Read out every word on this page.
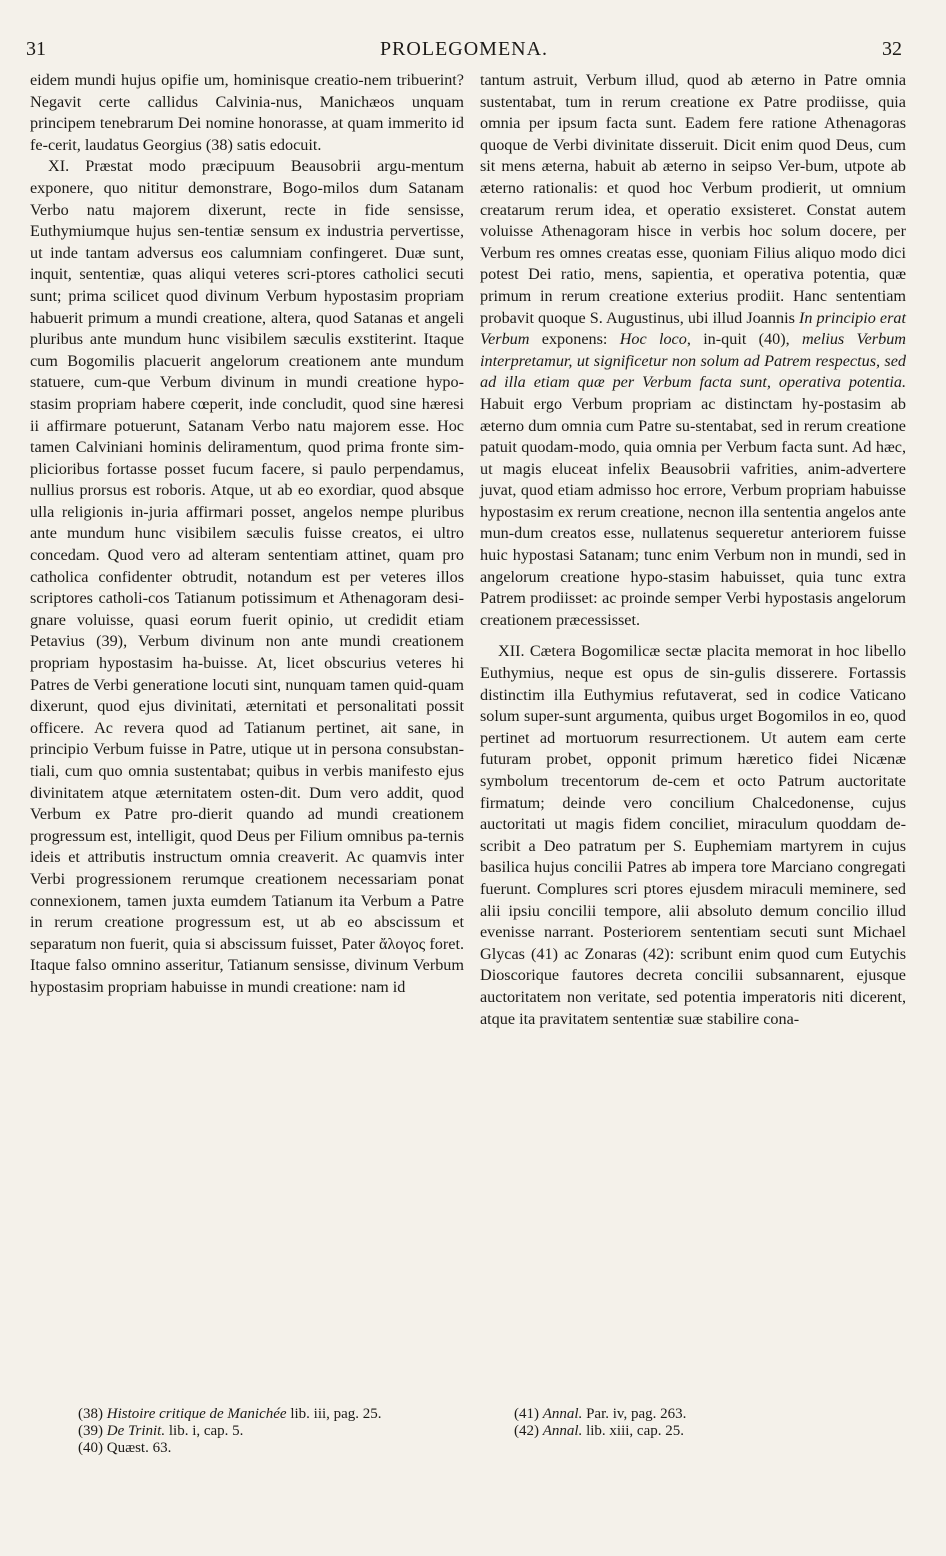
31	PROLEGOMENA.	32

eidem mundi hujus opifie um, hominisque creatio-nem tribuerint? Negavit certe callidus Calvinia-nus, Manichæos unquam principem tenebrarum Dei nomine honorasse, at quam immerito id fe-cerit, laudatus Georgius (38) satis edocuit.

XI. Præstat modo præcipuum Beausobrii argu-mentum exponere, quo nititur demonstrare, Bogo-milos dum Satanam Verbo natu majorem dixerunt, recte in fide sensisse, Euthymiumque hujus sen-tentiæ sensum ex industria pervertisse, ut inde tantam adversus eos calumniam confingeret. Duæ sunt, inquit, sententiæ, quas aliqui veteres scri-ptores catholici secuti sunt; prima scilicet quod divinum Verbum hypostasim propriam habuerit primum a mundi creatione, altera, quod Satanas et angeli pluribus ante mundum hunc visibilem sæculis exstiterint. Itaque cum Bogomilis placuerit angelorum creationem ante mundum statuere, cum-que Verbum divinum in mundi creatione hypo-stasim propriam habere cœperit, inde concludit, quod sine hæresi ii affirmare potuerunt, Satanam Verbo natu majorem esse. Hoc tamen Calviniani hominis deliramentum, quod prima fronte sim-plicioribus fortasse posset fucum facere, si paulo perpendamus, nullius prorsus est roboris. Atque, ut ab eo exordiar, quod absque ulla religionis in-juria affirmari posset, angelos nempe pluribus ante mundum hunc visibilem sæculis fuisse creatos, ei ultro concedam. Quod vero ad alteram sententiam attinet, quam pro catholica confidenter obtrudit, notandum est per veteres illos scriptores catholi-cos Tatianum potissimum et Athenagoram desi-gnare voluisse, quasi eorum fuerit opinio, ut credidit etiam Petavius (39), Verbum divinum non ante mundi creationem propriam hypostasim ha-buisse. At, licet obscurius veteres hi Patres de Verbi generatione locuti sint, nunquam tamen quid-quam dixerunt, quod ejus divinitati, æternitati et personalitati possit officere. Ac revera quod ad Tatianum pertinet, ait sane, in principio Verbum fuisse in Patre, utique ut in persona consubstan-tiali, cum quo omnia sustentabat; quibus in verbis manifesto ejus divinitatem atque æternitatem osten-dit. Dum vero addit, quod Verbum ex Patre pro-dierit quando ad mundi creationem progressum est, intelligit, quod Deus per Filium omnibus pa-ternis ideis et attributis instructum omnia creaverit. Ac quamvis inter Verbi progressionem rerumque creationem necessariam ponat connexionem, tamen juxta eumdem Tatianum ita Verbum a Patre in rerum creatione progressum est, ut ab eo abscissum et separatum non fuerit, quia si abscissum fuisset, Pater ἄλογος foret. Itaque falso omnino asseritur, Tatianum sensisse, divinum Verbum hypostasim propriam habuisse in mundi creatione: nam id

tantum astruit, Verbum illud, quod ab æterno in Patre omnia sustentabat, tum in rerum creatione ex Patre prodiisse, quia omnia per ipsum facta sunt. Eadem fere ratione Athenagoras quoque de Verbi divinitate disseruit. Dicit enim quod Deus, cum sit mens æterna, habuit ab æterno in seipso Ver-bum, utpote ab æterno rationalis: et quod hoc Verbum prodierit, ut omnium creatarum rerum idea, et operatio exsisteret. Constat autem voluisse Athenagoram hisce in verbis hoc solum docere, per Verbum res omnes creatas esse, quoniam Filius aliquo modo dici potest Dei ratio, mens, sapientia, et operativa potentia, quæ primum in rerum creatione exterius prodiit. Hanc sententiam probavit quoque S. Augustinus, ubi illud Joannis In principio erat Verbum exponens: Hoc loco, in-quit (40), melius Verbum interpretamur, ut significetur non solum ad Patrem respectus, sed ad illa etiam quæ per Verbum facta sunt, operativa potentia. Habuit ergo Verbum propriam ac distinctam hy-postasim ab æterno dum omnia cum Patre su-stentabat, sed in rerum creatione patuit quodam-modo, quia omnia per Verbum facta sunt. Ad hæc, ut magis eluceat infelix Beausobrii vafrities, anim-advertere juvat, quod etiam admisso hoc errore, Verbum propriam habuisse hypostasim ex rerum creatione, necnon illa sententia angelos ante mun-dum creatos esse, nullatenus sequeretur anteriorem fuisse huic hypostasi Satanam; tunc enim Verbum non in mundi, sed in angelorum creatione hypo-stasim habuisset, quia tunc extra Patrem prodiisset: ac proinde semper Verbi hypostasis angelorum creationem præcessisset.

XII. Cætera Bogomilicæ sectæ placita memorat in hoc libello Euthymius, neque est opus de sin-gulis disserere. Fortassis distinctim illa Euthymius refutaverat, sed in codice Vaticano solum super-sunt argumenta, quibus urget Bogomilos in eo, quod pertinet ad mortuorum resurrectionem. Ut autem eam certe futuram probet, opponit primum hæretico fidei Nicænæ symbolum trecentorum de-cem et octo Patrum auctoritate firmatum; deinde vero concilium Chalcedonense, cujus auctoritati ut magis fidem conciliet, miraculum quoddam de-scribit a Deo patratum per S. Euphemiam martyrem in cujus basilica hujus concilii Patres ab impera tore Marciano congregati fuerunt. Complures scri ptores ejusdem miraculi meminere, sed alii ipsiu concilii tempore, alii absoluto demum concilio illud evenisse narrant. Posteriorem sententiam secuti sunt Michael Glycas (41) ac Zonaras (42): scribunt enim quod cum Eutychis Dioscorique fautores decreta concilii subsannarent, ejusque auctoritatem non veritate, sed potentia imperatoris niti dicerent, atque ita pravitatem sententiæ suæ stabilire cona-

(38) Histoire critique de Manichée lib. iii, pag. 25.
(39) De Trinit. lib. i, cap. 5.
(40) Quæst. 63.
(41) Annal. Par. iv, pag. 263.
(42) Annal. lib. xiii, cap. 25.
